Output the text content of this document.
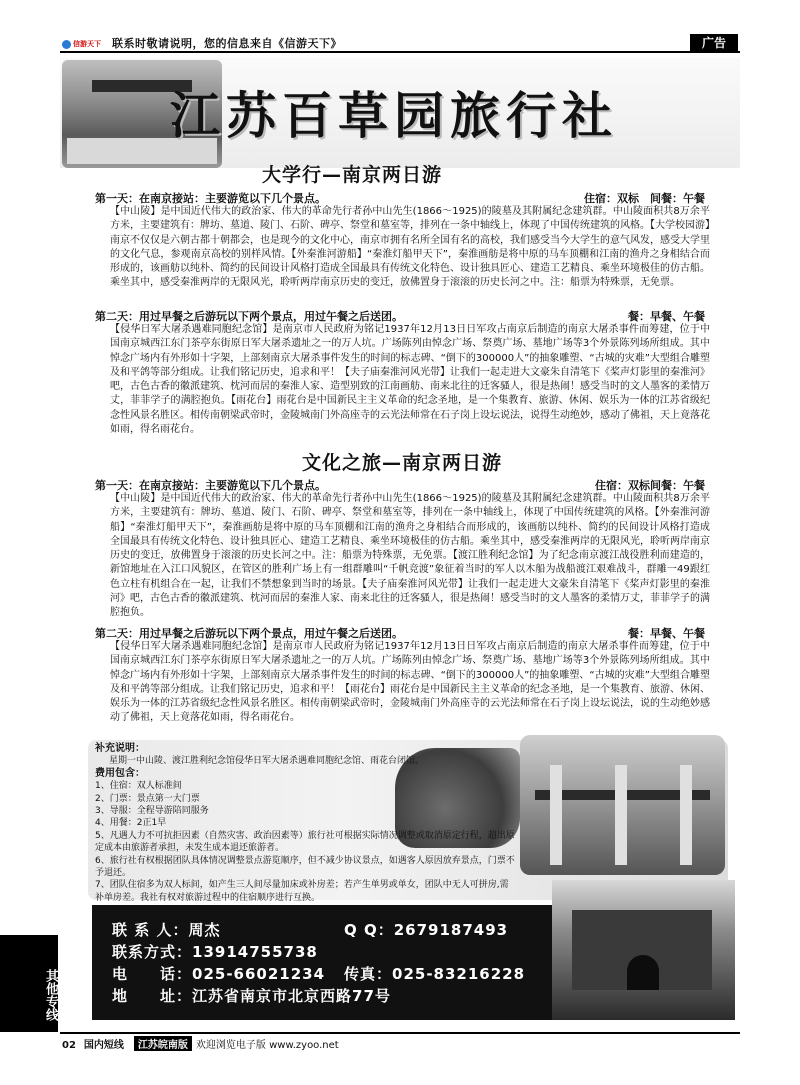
信游天下 联系时敬请说明，您的信息来自《信游天下》	广告
江苏百草园旅行社
大学行—南京两日游
第一天：在南京接站：主要游览以下几个景点。	住宿：双标　间餐：午餐
【中山陵】是中国近代伟大的政治家、伟大的革命先行者孙中山先生(1866～1925)的陵墓及其附属纪念建筑群。中山陵面积共8万余平方米，主要建筑有：牌坊、墓道、陵门、石阶、碑亭、祭堂和墓室等，排列在一条中轴线上，体现了中国传统建筑的风格。【大学校园游】南京不仅仅是六朝古都十朝都会，也是现今的文化中心，南京市拥有名所全国有名的高校，我们感受当今大学生的意气风发，感受大学里的文化气息，参观南京高校的别样风情。【外秦淮河游船】“秦淮灯船甲天下”，秦淮画舫是将中原的马车顶棚和江南的渔舟之身相结合而形成的，该画舫以纯朴、简约的民间设计风格打造成全国最具有传统文化特色、设计独具匠心、建造工艺精良、乘坐环境极佳的仿古船。乘坐其中，感受秦淮两岸的无限风光，聆听两岸南京历史的变迁，放佛置身于滚滚的历史长河之中。注：船票为特殊票，无免票。
第二天：用过早餐之后游玩以下两个景点，用过午餐之后送团。	餐：早餐、午餐
【侵华日军大屠杀遇难同胞纪念馆】是南京市人民政府为铭记1937年12月13日日军攻占南京后制造的南京大屠杀事件而筹建，位于中国南京城西江东门茶亭东街原日军大屠杀遗址之一的万人坑。广场陈列由悼念广场、祭奠广场、墓地广场等3个外景陈列场所组成。其中悼念广场内有外形如十字架，上部刻南京大屠杀事件发生的时间的标志碑、“倒下的300000人”的抽象雕塑、“古城的灾难”大型组合雕塑及和平鸽等部分组成。让我们铭记历史，追求和平！【夫子庙秦淮河风光带】让我们一起走进大文豪朱自清笔下《桨声灯影里的秦淮河》吧，古色古香的徽派建筑、枕河而居的秦淮人家、造型别致的江南画舫、南来北往的迁客骚人，很是热闹！感受当时的文人墨客的柔情万丈，菲菲学子的满腔抱负。【雨花台】雨花台是中国新民主主义革命的纪念圣地，是一个集教育、旅游、休闲、娱乐为一体的江苏省级纪念性风景名胜区。相传南朝梁武帝时，金陵城南门外高座寺的云光法师常在石子岗上设坛说法，说得生动绝妙，感动了佛祖，天上竟落花如雨，得名雨花台。
文化之旅—南京两日游
第一天：在南京接站：主要游览以下几个景点。	住宿：双标间餐：午餐
【中山陵】是中国近代伟大的政治家、伟大的革命先行者孙中山先生(1866～1925)的陵墓及其附属纪念建筑群。中山陵面积共8万余平方米，主要建筑有：牌坊、墓道、陵门、石阶、碑亭、祭堂和墓室等，排列在一条中轴线上，体现了中国传统建筑的风格。【外秦淮河游船】“秦淮灯船甲天下”，秦淮画舫是将中原的马车顶棚和江南的渔舟之身相结合而形成的，该画舫以纯朴、简约的民间设计风格打造成全国最具有传统文化特色、设计独具匠心、建造工艺精良、乘坐环境极佳的仿古船。乘坐其中，感受秦淮两岸的无限风光，聆听两岸南京历史的变迁，放佛置身于滚滚的历史长河之中。注：船票为特殊票，无免票。【渡江胜利纪念馆】为了纪念南京渡江战役胜利而建造的，新馆地址在入江口风貌区，在管区的胜利广场上有一组群雕叫“千帆竞渡”象征着当时的军人以木船为战船渡江艰难战斗，群雕一49跟红色立柱有机组合在一起，让我们不禁想象到当时的场景。【夫子庙秦淮河风光带】让我们一起走进大文豪朱自清笔下《桨声灯影里的秦淮河》吧，古色古香的徽派建筑、枕河而居的秦淮人家、南来北往的迁客骚人，很是热闹！感受当时的文人墨客的柔情万丈，菲菲学子的满腔抱负。
第二天：用过早餐之后游玩以下两个景点，用过午餐之后送团。	餐：早餐、午餐
【侵华日军大屠杀遇难同胞纪念馆】是南京市人民政府为铭记1937年12月13日日军攻占南京后制造的南京大屠杀事件而筹建，位于中国南京城西江东门茶亭东街原日军大屠杀遗址之一的万人坑。广场陈列由悼念广场、祭奠广场、墓地广场等3个外景陈列场所组成。其中悼念广场内有外形如十字架，上部刻南京大屠杀事件发生的时间的标志碑、“倒下的300000人”的抽象雕塑、“古城的灾难”大型组合雕塑及和平鸽等部分组成。让我们铭记历史，追求和平！【雨花台】雨花台是中国新民主主义革命的纪念圣地，是一个集教育、旅游、休闲、娱乐为一体的江苏省级纪念性风景名胜区。相传南朝梁武帝时，金陵城南门外高座寺的云光法师常在石子岗上设坛说法，说的生动绝妙感动了佛祖，天上竟落花如雨，得名雨花台。
补充说明：
星期一中山陵、渡江胜利纪念馆侵华日军大屠杀遇难同胞纪念馆、雨花台闭馆。
费用包含：
1、住宿：双人标准间
2、门票：景点第一大门票
3、导服：全程导游陪同服务
4、用餐：2正1早
5、凡遇人力不可抗拒因素（自然灾害、政治因素等）旅行社可根据实际情况调整或取消原定行程，超出原定成本由旅游者承担，未发生成本退还旅游者。
6、旅行社有权根据团队具体情况调整景点游览顺序，但不减少协议景点，如遇客人原因放弃景点，门票不予退还。
7、团队住宿多为双人标间，如产生三人间尽量加床或补房差；若产生单男或单女，团队中无人可拼房,需补单房差。我社有权对旅游过程中的住宿顺序进行互换。
联 系 人：周杰	Q Q：2679187493
联系方式：13914755738
电　　话：025-66021234 传真：025-83216228
地　　址：江苏省南京市北京西路77号
其他专线
02 国内短线 江苏皖南版 欢迎浏览电子版 www.zyoo.net
